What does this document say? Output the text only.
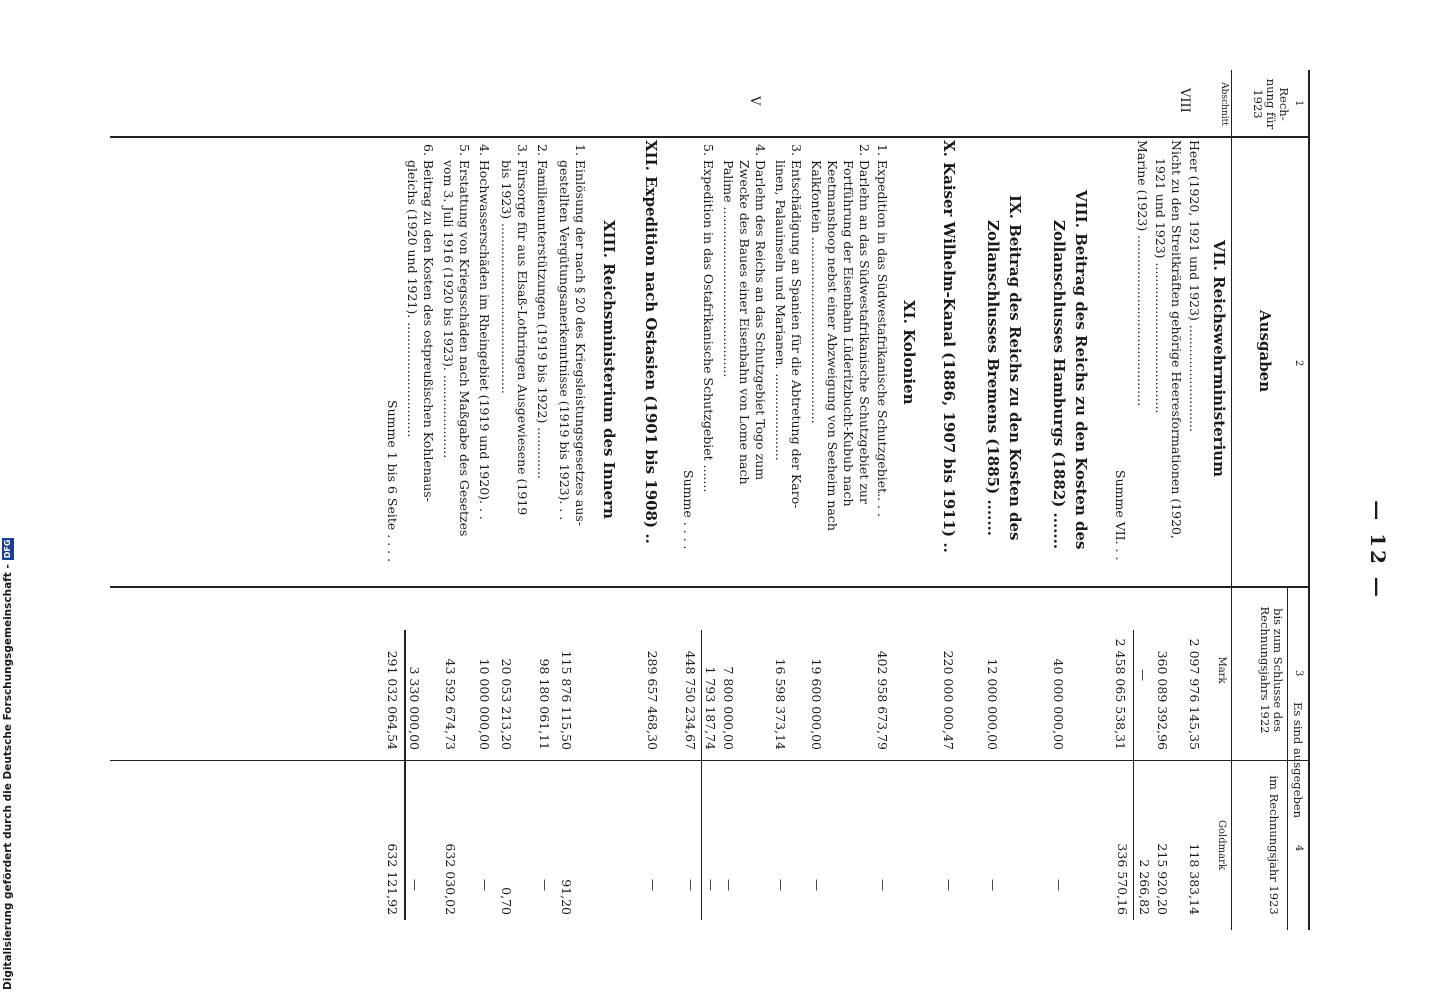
Digitalisierung gefördert durch die Deutsche Forschungsgemeinschaft -
DFG	— 12 —
1
2
3
4
Rech- nung für 1923
Abschnitt
Ausgaben
Es sind ausgegeben
bis zum Schlusse des Rechnungsjahrs 1922
Mark
im Rechnungsjahr 1923
Goldmark
VIII
V
VII. Reichswehrministerium
Heer (1920, 1921 und 1923) ...........................
2 097 976 145,35
118 383,14
Nicht zu den Streitkräften gehörige Heeresformationen (1920,
1921 und 1923) ......................................
360 089 392,96
215 920,20
Marine (1923) ...........................................
—
2 266,82
Summe VII. . .
2 458 065 538,31
336 570,16
VIII. Beitrag des Reichs zu den Kosten des
Zollanschlusses Hamburgs (1882) .......
40 000 000,00
—
IX. Beitrag des Reichs zu den Kosten des
Zollanschlusses Bremens (1885) .......
12 000 000,00
—
X. Kaiser Wilhelm-Kanal (1886, 1907 bis 1911) ..
220 000 000,47
—
XI. Kolonien
1. Expedition in das Südwestafrikanische Schutzgebiet.. . .
402 958 673,79
—
2. Darlehn an das Südwestafrikanische Schutzgebiet zur
Fortführung der Eisenbahn Lüderitzbucht-Kubub nach
Keetmanshoop nebst einer Abzweigung von Seeheim nach
Kalkfontein ...............................................
19 600 000,00
—
3. Entschädigung an Spanien für die Abtretung der Karo-
linen, Palauinseln und Marianen. ......................
16 598 373,14
—
4. Darlehn des Reichs an das Schutzgebiet Togo zum
Zwecke des Baues einer Eisenbahn von Lome nach
Palime ...........................................
7 800 000,00
—
5. Expedition in das Ostafrikanische Schutzgebiet .......
1 793 187,74
—
Summe . . . .
448 750 234,67
—
XII. Expedition nach Ostasien (1901 bis 1908) ..
289 657 468,30
—
XIII. Reichsministerium des Innern
1. Einlösung der nach § 20 des Kriegsleistungsgesetzes aus-
gestellten Vergütungsanerkenntnisse (1919 bis 1923). . .
115 876 115,50
91,20
2. Familienunterstützungen (1919 bis 1922) .............
98 180 061,11
—
3. Fürsorge für aus Elsaß-Lothringen Ausgewiesene (1919
bis 1923) ...........................................
20 053 213,20
0,70
4. Hochwasserschäden im Rheingebiet (1919 und 1920). . .
10 000 000,00
—
5. Erstattung von Kriegsschäden nach Maßgabe des Gesetzes
vom 3. Juli 1916 (1920 bis 1923). .....................
43 592 674,73
632 030,02
6. Beitrag zu den Kosten des ostpreußischen Kohlenaus-
gleichs (1920 und 1921). .............................
3 330 000,00
—
Summe 1 bis 6 Seite . . . .
291 032 064,54
632 121,92
